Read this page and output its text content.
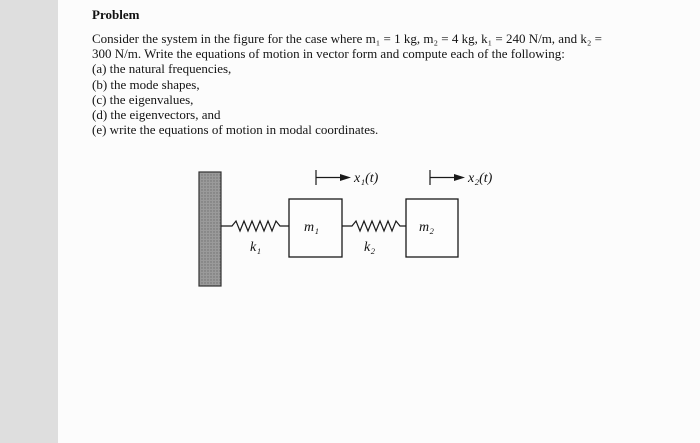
Problem

Consider the system in the figure for the case where m₁ = 1 kg, m₂ = 4 kg, k₁ = 240 N/m, and k₂ =

300 N/m. Write the equations of motion in vector form and compute each of the following:

(a) the natural frequencies,

(b) the mode shapes,

(c) the eigenvalues,

(d) the eigenvectors, and

(e) write the equations of motion in modal coordinates.

k₁
m₁
k₂
m₂
x₁(t)	x₂(t)
